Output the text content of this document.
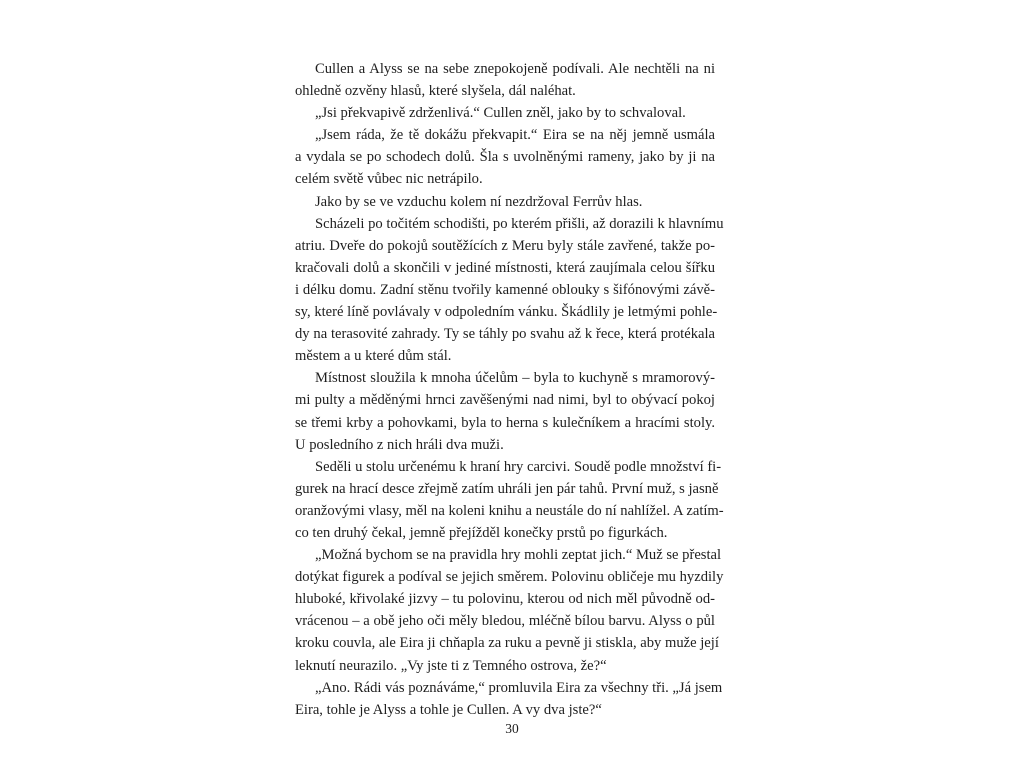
Cullen a Alyss se na sebe znepokojeně podívali. Ale nechtěli na ni
ohledně ozvěny hlasů, které slyšela, dál naléhat.
„Jsi překvapivě zdrženlivá.“ Cullen zněl, jako by to schvaloval.
„Jsem ráda, že tě dokážu překvapit.“ Eira se na něj jemně usmála
a vydala se po schodech dolů. Šla s uvolněnými rameny, jako by ji na
celém světě vůbec nic netrápilo.
Jako by se ve vzduchu kolem ní nezdržoval Ferrův hlas.
Scházeli po točitém schodišti, po kterém přišli, až dorazili k hlavnímu
atriu. Dveře do pokojů soutěžících z Meru byly stále zavřené, takže po-
kračovali dolů a skončili v jediné místnosti, která zaujímala celou šířku
i délku domu. Zadní stěnu tvořily kamenné oblouky s šifónovými závě-
sy, které líně povlávaly v odpoledním vánku. Škádlily je letmými pohle-
dy na terasovité zahrady. Ty se táhly po svahu až k řece, která protékala
městem a u které dům stál.
Místnost sloužila k mnoha účelům – byla to kuchyně s mramorový-
mi pulty a měděnými hrnci zavěšenými nad nimi, byl to obývací pokoj
se třemi krby a pohovkami, byla to herna s kulečníkem a hracími stoly.
U posledního z nich hráli dva muži.
Seděli u stolu určenému k hraní hry carcivi. Soudě podle množství fi-
gurek na hrací desce zřejmě zatím uhráli jen pár tahů. První muž, s jasně
oranžovými vlasy, měl na koleni knihu a neustále do ní nahlížel. A zatím-
co ten druhý čekal, jemně přejížděl konečky prstů po figurkách.
„Možná bychom se na pravidla hry mohli zeptat jich.“ Muž se přestal
dotýkat figurek a podíval se jejich směrem. Polovinu obličeje mu hyzdily
hluboké, křivolaké jizvy – tu polovinu, kterou od nich měl původně od-
vrácenou – a obě jeho oči měly bledou, mléčně bílou barvu. Alyss o půl
kroku couvla, ale Eira ji chňapla za ruku a pevně ji stiskla, aby muže její
leknutí neurazilo. „Vy jste ti z Temného ostrova, že?“
„Ano. Rádi vás poznáváme,“ promluvila Eira za všechny tři. „Já jsem
Eira, tohle je Alyss a tohle je Cullen. A vy dva jste?“
30
